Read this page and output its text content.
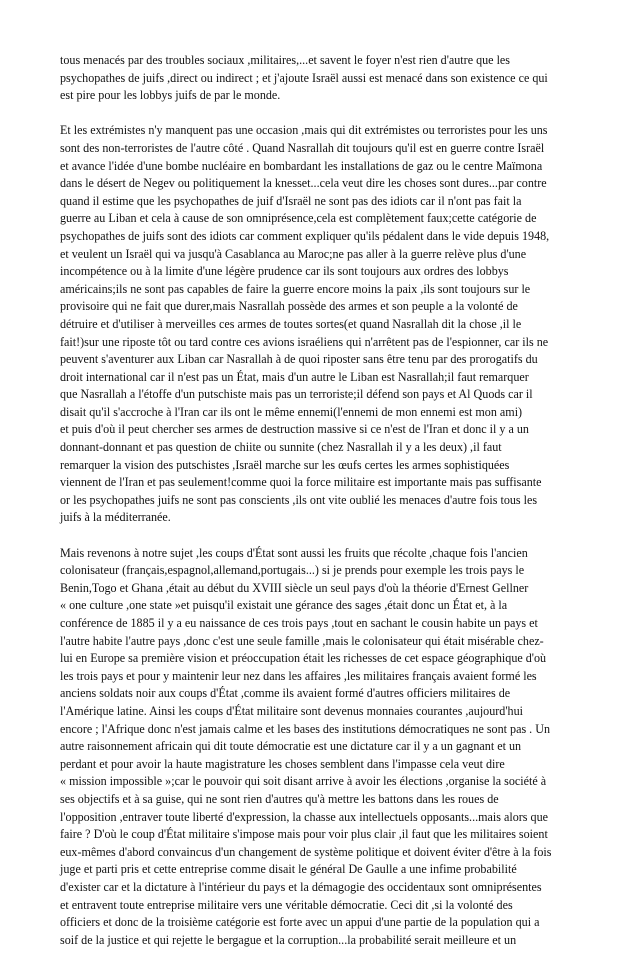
tous menacés par des troubles sociaux ,militaires,...et savent le foyer n'est rien d'autre que les
psychopathes de juifs ,direct ou indirect ; et j'ajoute Israël aussi est menacé dans son existence ce qui
est pire pour les lobbys juifs de par le monde.

Et les extrémistes n'y manquent pas une occasion ,mais qui dit extrémistes ou terroristes pour les uns
sont des non-terroristes de l'autre côté . Quand Nasrallah dit toujours qu'il est en guerre contre Israël
et avance l'idée d'une bombe nucléaire en bombardant les installations de gaz ou le centre Maïmona
dans le désert de Negev ou politiquement la knesset...cela veut dire les choses sont dures...par contre
quand il estime que les psychopathes de juif d'Israël ne sont pas des idiots car il n'ont pas fait la
guerre au Liban et cela à cause de son omniprésence,cela est complètement faux;cette catégorie de
psychopathes de juifs sont des idiots car comment expliquer qu'ils pédalent dans le vide depuis 1948,
et veulent un Israël qui va jusqu'à Casablanca au Maroc;ne pas aller à la guerre relève plus d'une
incompétence ou à la limite d'une légère prudence car ils sont toujours aux ordres des lobbys
américains;ils ne sont pas capables de faire la guerre encore moins la paix ,ils sont toujours sur le
provisoire qui ne fait que durer,mais Nasrallah possède des armes et son peuple a la volonté de
détruire et d'utiliser à merveilles ces armes de toutes sortes(et quand Nasrallah dit la chose ,il le
fait!)sur une riposte tôt ou tard contre ces avions israéliens qui n'arrêtent pas de l'espionner, car ils ne
peuvent s'aventurer aux Liban car Nasrallah à de quoi riposter sans être tenu par des prorogatifs du
droit international car il n'est pas un État, mais d'un autre le Liban est Nasrallah;il faut remarquer
que Nasrallah a l'étoffe d'un putschiste mais pas un terroriste;il défend son pays et Al Quods car il
disait qu'il s'accroche à l'Iran car ils ont le même ennemi(l'ennemi de mon ennemi est mon ami)
et puis d'où il peut chercher ses armes de destruction massive si ce n'est de l'Iran et donc il y a un
donnant-donnant et pas question de chiite ou sunnite (chez Nasrallah il y a les deux) ,il faut
remarquer la vision des putschistes ,Israël marche sur les œufs certes les armes sophistiquées
viennent de l'Iran et pas seulement!comme quoi la force militaire est importante mais pas suffisante
or les psychopathes juifs ne sont pas conscients ,ils ont vite oublié les menaces d'autre fois tous les
juifs à la méditerranée.

Mais revenons à notre sujet ,les coups d'État sont aussi les fruits que récolte ,chaque fois l'ancien
colonisateur (français,espagnol,allemand,portugais...) si je prends pour exemple les trois pays le
Benin,Togo et Ghana ,était au début du XVIII siècle un seul pays d'où la théorie d'Ernest Gellner
« one culture ,one state »et puisqu'il existait une gérance des sages ,était donc un État et, à la
conférence de 1885 il y a eu naissance de ces trois pays ,tout en sachant le cousin habite un pays et
l'autre habite l'autre pays ,donc c'est une seule famille ,mais le colonisateur qui était misérable chez-
lui en Europe sa première vision et préoccupation était les richesses de cet espace géographique d'où
les trois pays et pour y maintenir leur nez dans les affaires ,les militaires français avaient formé les
anciens soldats noir aux coups d'État ,comme ils avaient formé d'autres officiers militaires de
l'Amérique latine. Ainsi les coups d'État militaire sont devenus monnaies courantes ,aujourd'hui
encore ; l'Afrique donc n'est jamais calme et les bases des institutions démocratiques ne sont pas . Un
autre raisonnement africain qui dit toute démocratie est une dictature car il y a un gagnant et un
perdant et pour avoir la haute magistrature les choses semblent dans l'impasse cela veut dire
« mission impossible »;car le pouvoir qui soit disant arrive à avoir les élections ,organise la société à
ses objectifs et à sa guise, qui ne sont rien d'autres qu'à mettre les battons dans les roues de
l'opposition ,entraver toute liberté d'expression, la chasse aux intellectuels opposants...mais alors que
faire ? D'où le coup d'État militaire s'impose mais pour voir plus clair ,il faut que les militaires soient
eux-mêmes d'abord convaincus d'un changement de système politique et doivent éviter d'être à la fois
juge et parti pris et cette entreprise comme disait le général De Gaulle a une infime probabilité
d'exister car et la dictature à l'intérieur du pays et la démagogie des occidentaux sont omniprésentes
et entravent toute entreprise militaire vers une véritable démocratie. Ceci dit ,si la volonté des
officiers et donc de la troisième catégorie est forte avec un appui d'une partie de la population qui a
soif de la justice et qui rejette le bergague et la corruption...la probabilité serait meilleure et un
